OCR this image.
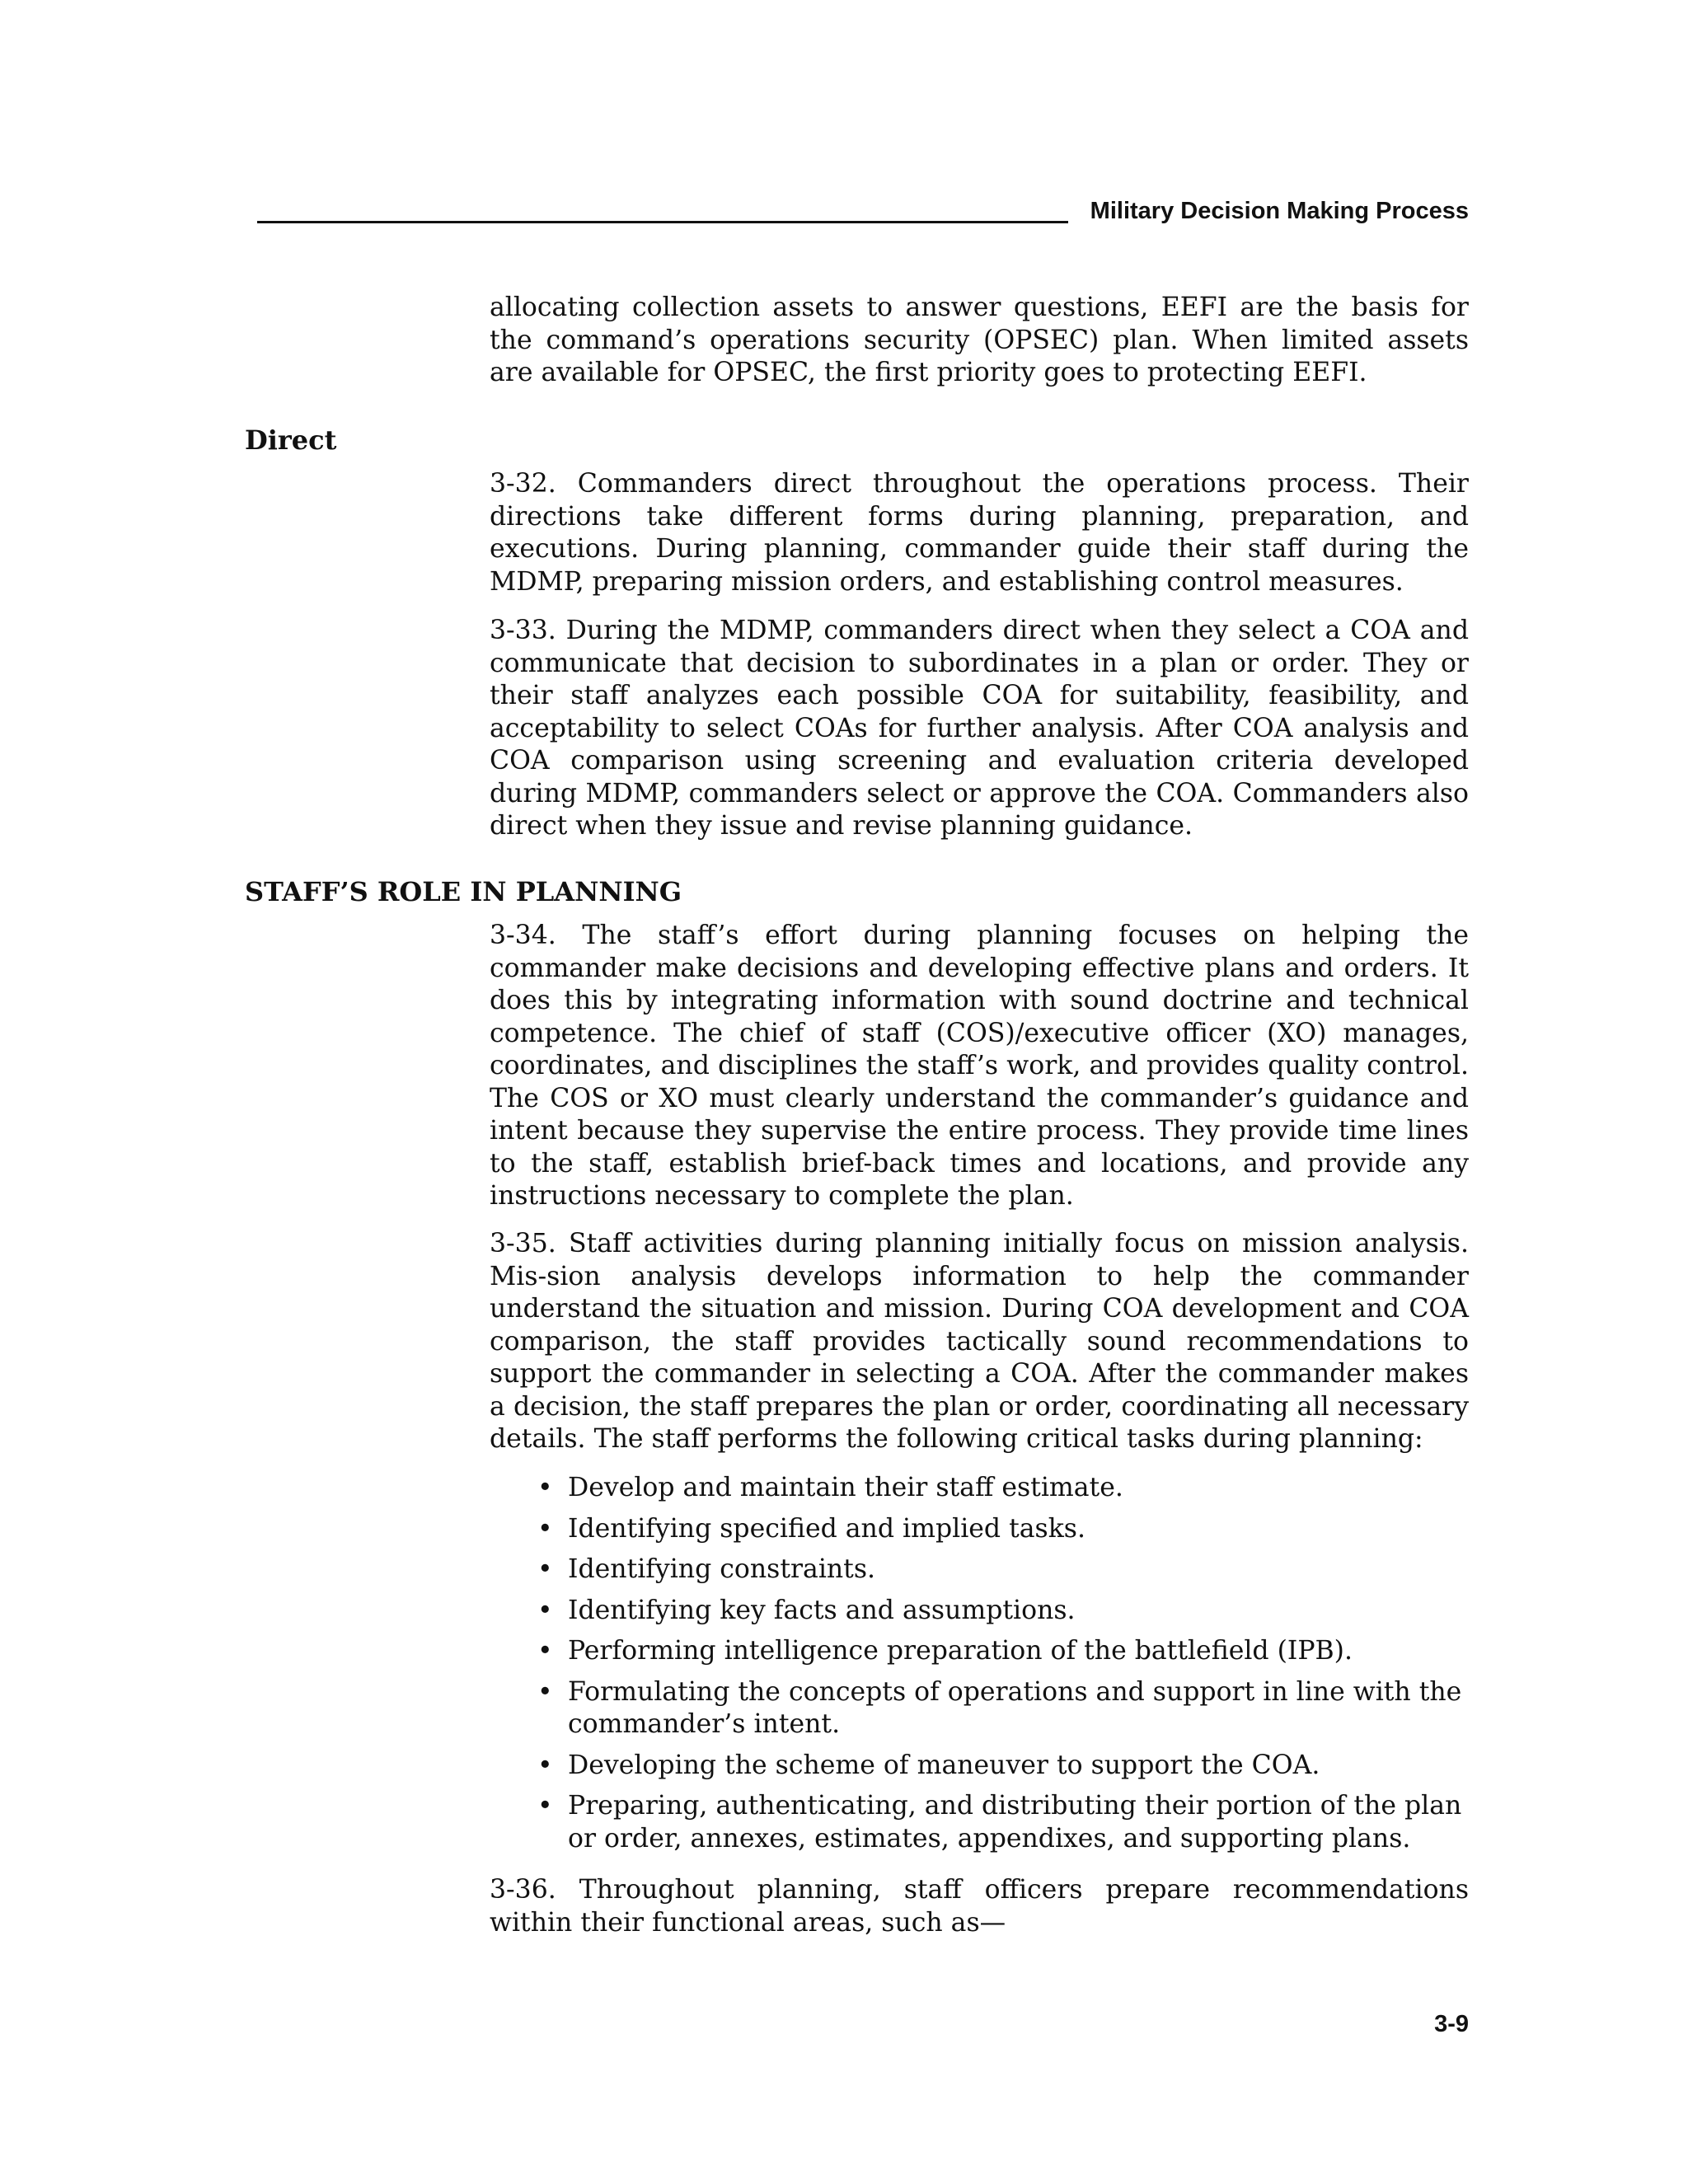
Military Decision Making Process

allocating collection assets to answer questions, EEFI are the basis for the command’s operations security (OPSEC) plan. When limited assets are available for OPSEC, the first priority goes to protecting EEFI.

Direct

3-32. Commanders direct throughout the operations process. Their directions take different forms during planning, preparation, and executions. During planning, commander guide their staff during the MDMP, preparing mission orders, and establishing control measures.

3-33. During the MDMP, commanders direct when they select a COA and communicate that decision to subordinates in a plan or order. They or their staff analyzes each possible COA for suitability, feasibility, and acceptability to select COAs for further analysis. After COA analysis and COA comparison using screening and evaluation criteria developed during MDMP, commanders select or approve the COA. Commanders also direct when they issue and revise planning guidance.

STAFF’S ROLE IN PLANNING

3-34. The staff’s effort during planning focuses on helping the commander make decisions and developing effective plans and orders. It does this by integrating information with sound doctrine and technical competence. The chief of staff (COS)/executive officer (XO) manages, coordinates, and disciplines the staff’s work, and provides quality control. The COS or XO must clearly understand the commander’s guidance and intent because they supervise the entire process. They provide time lines to the staff, establish brief-back times and locations, and provide any instructions necessary to complete the plan.

3-35. Staff activities during planning initially focus on mission analysis. Mis-sion analysis develops information to help the commander understand the situation and mission. During COA development and COA comparison, the staff provides tactically sound recommendations to support the commander in selecting a COA. After the commander makes a decision, the staff prepares the plan or order, coordinating all necessary details. The staff performs the following critical tasks during planning:

• Develop and maintain their staff estimate.
• Identifying specified and implied tasks.
• Identifying constraints.
• Identifying key facts and assumptions.
• Performing intelligence preparation of the battlefield (IPB).
• Formulating the concepts of operations and support in line with the commander’s intent.
• Developing the scheme of maneuver to support the COA.
• Preparing, authenticating, and distributing their portion of the plan or order, annexes, estimates, appendixes, and supporting plans.

3-36. Throughout planning, staff officers prepare recommendations within their functional areas, such as—

3-9
